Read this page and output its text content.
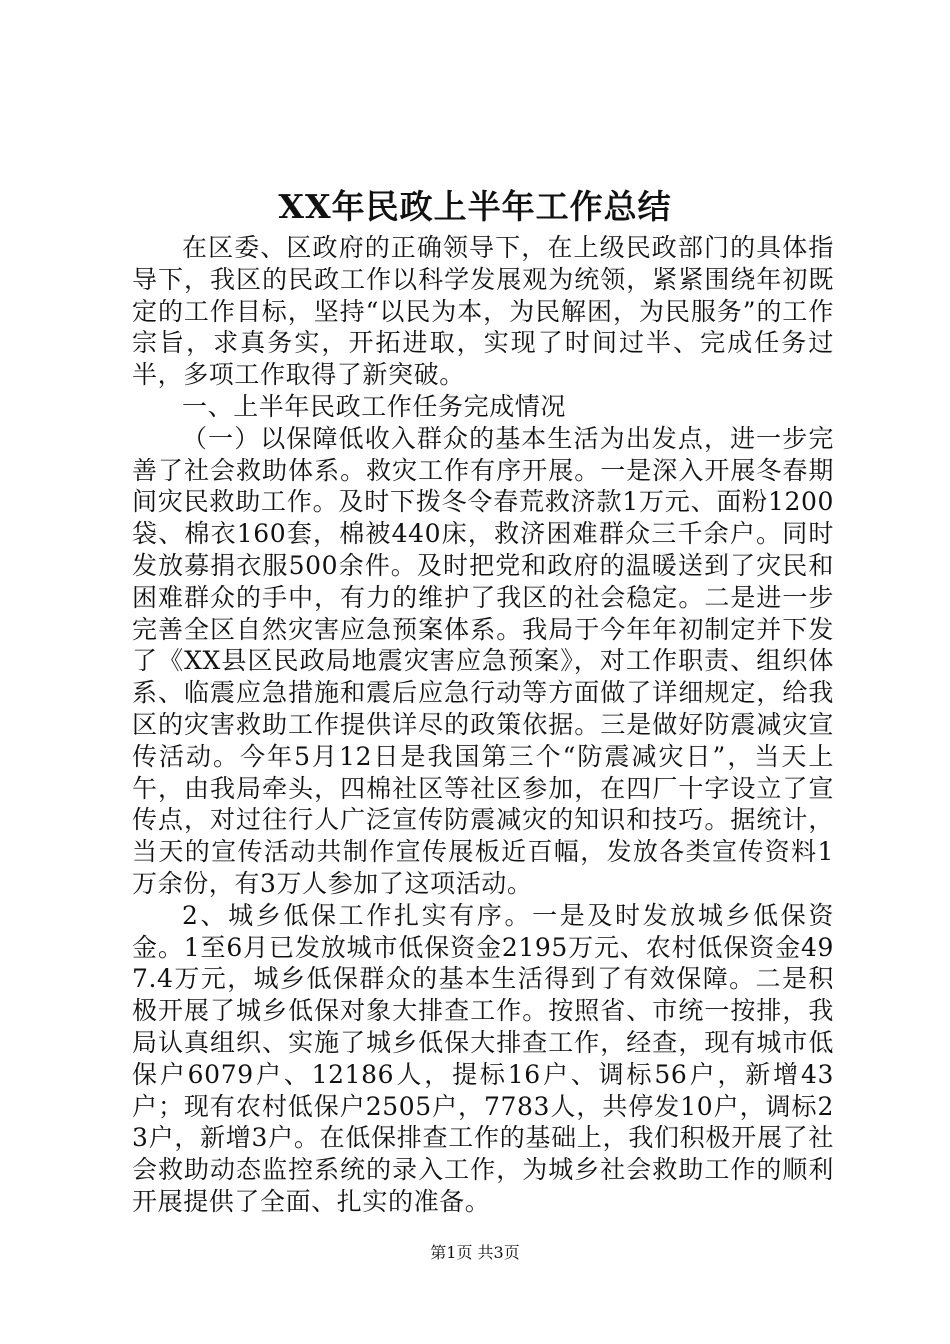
XX年民政上半年工作总结

在区委、区政府的正确领导下，在上级民政部门的具体指导下，我区的民政工作以科学发展观为统领，紧紧围绕年初既定的工作目标，坚持“以民为本，为民解困，为民服务”的工作宗旨，求真务实，开拓进取，实现了时间过半、完成任务过半，多项工作取得了新突破。

一、上半年民政工作任务完成情况

（一）以保障低收入群众的基本生活为出发点，进一步完善了社会救助体系。救灾工作有序开展。一是深入开展冬春期间灾民救助工作。及时下拨冬令春荒救济款1万元、面粉1200袋、棉衣160套，棉被440床，救济困难群众三千余户。同时发放募捐衣服500余件。及时把党和政府的温暖送到了灾民和困难群众的手中，有力的维护了我区的社会稳定。二是进一步完善全区自然灾害应急预案体系。我局于今年年初制定并下发了《XX县区民政局地震灾害应急预案》，对工作职责、组织体系、临震应急措施和震后应急行动等方面做了详细规定，给我区的灾害救助工作提供详尽的政策依据。三是做好防震减灾宣传活动。今年5月12日是我国第三个“防震减灾日”，当天上午，由我局牵头，四棉社区等社区参加，在四厂十字设立了宣传点，对过往行人广泛宣传防震减灾的知识和技巧。据统计，当天的宣传活动共制作宣传展板近百幅，发放各类宣传资料1万余份，有3万人参加了这项活动。

2、城乡低保工作扎实有序。一是及时发放城乡低保资金。1至6月已发放城市低保资金2195万元、农村低保资金497.4万元，城乡低保群众的基本生活得到了有效保障。二是积极开展了城乡低保对象大排查工作。按照省、市统一按排，我局认真组织、实施了城乡低保大排查工作，经查，现有城市低保户6079户、12186人，提标16户、调标56户，新增43户；现有农村低保户2505户，7783人，共停发10户，调标23户，新增3户。在低保排查工作的基础上，我们积极开展了社会救助动态监控系统的录入工作，为城乡社会救助工作的顺利开展提供了全面、扎实的准备。

第1页 共3页
